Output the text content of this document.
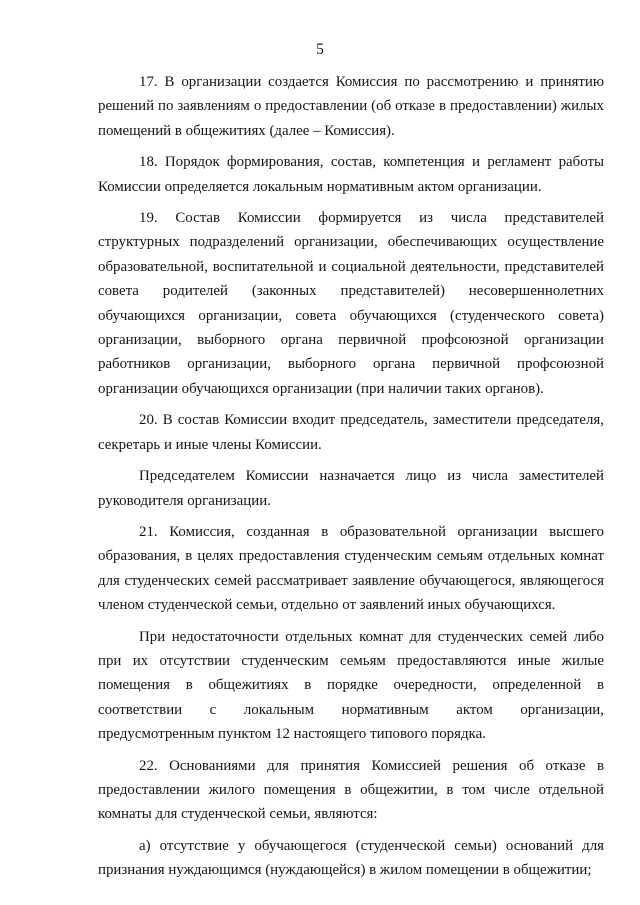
5

17. В организации создается Комиссия по рассмотрению и принятию решений по заявлениям о предоставлении (об отказе в предоставлении) жилых помещений в общежитиях (далее – Комиссия).

18. Порядок формирования, состав, компетенция и регламент работы Комиссии определяется локальным нормативным актом организации.

19. Состав Комиссии формируется из числа представителей структурных подразделений организации, обеспечивающих осуществление образовательной, воспитательной и социальной деятельности, представителей совета родителей (законных представителей) несовершеннолетних обучающихся организации, совета обучающихся (студенческого совета) организации, выборного органа первичной профсоюзной организации работников организации, выборного органа первичной профсоюзной организации обучающихся организации (при наличии таких органов).

20. В состав Комиссии входит председатель, заместители председателя, секретарь и иные члены Комиссии.

Председателем Комиссии назначается лицо из числа заместителей руководителя организации.

21. Комиссия, созданная в образовательной организации высшего образования, в целях предоставления студенческим семьям отдельных комнат для студенческих семей рассматривает заявление обучающегося, являющегося членом студенческой семьи, отдельно от заявлений иных обучающихся.

При недостаточности отдельных комнат для студенческих семей либо при их отсутствии студенческим семьям предоставляются иные жилые помещения в общежитиях в порядке очередности, определенной в соответствии с локальным нормативным актом организации, предусмотренным пунктом 12 настоящего типового порядка.

22. Основаниями для принятия Комиссией решения об отказе в предоставлении жилого помещения в общежитии, в том числе отдельной комнаты для студенческой семьи, являются:

а) отсутствие у обучающегося (студенческой семьи) оснований для признания нуждающимся (нуждающейся) в жилом помещении в общежитии;
